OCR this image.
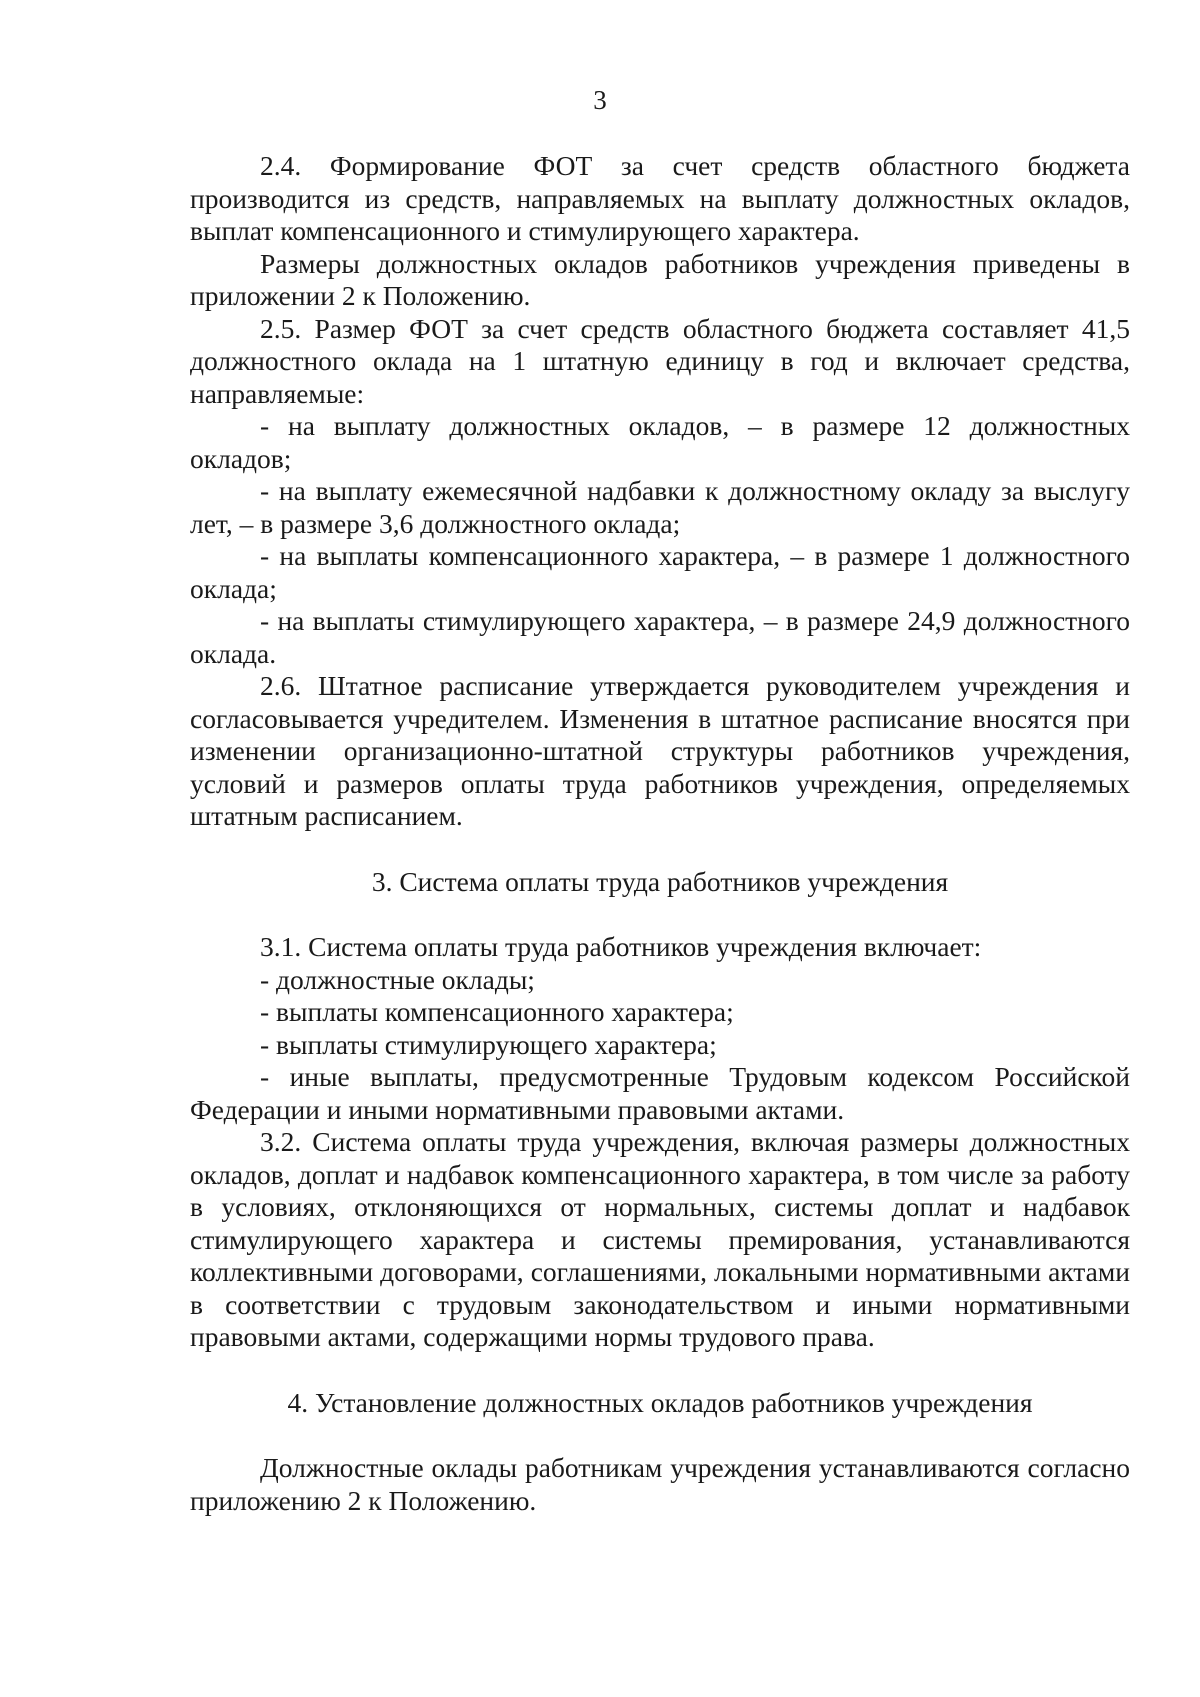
3

2.4. Формирование ФОТ за счет средств областного бюджета производится из средств, направляемых на выплату должностных окладов, выплат компенсационного и стимулирующего характера.

Размеры должностных окладов работников учреждения приведены в приложении 2 к Положению.

2.5. Размер ФОТ за счет средств областного бюджета составляет 41,5 должностного оклада на 1 штатную единицу в год и включает средства, направляемые:

- на выплату должностных окладов, – в размере 12 должностных окладов;

- на выплату ежемесячной надбавки к должностному окладу за выслугу лет, – в размере 3,6 должностного оклада;

- на выплаты компенсационного характера, – в размере 1 должностного оклада;

- на выплаты стимулирующего характера, – в размере 24,9 должностного оклада.

2.6. Штатное расписание утверждается руководителем учреждения и согласовывается учредителем. Изменения в штатное расписание вносятся при изменении организационно-штатной структуры работников учреждения, условий и размеров оплаты труда работников учреждения, определяемых штатным расписанием.

3. Система оплаты труда работников учреждения

3.1. Система оплаты труда работников учреждения включает:

- должностные оклады;

- выплаты компенсационного характера;

- выплаты стимулирующего характера;

- иные выплаты, предусмотренные Трудовым кодексом Российской Федерации и иными нормативными правовыми актами.

3.2. Система оплаты труда учреждения, включая размеры должностных окладов, доплат и надбавок компенсационного характера, в том числе за работу в условиях, отклоняющихся от нормальных, системы доплат и надбавок стимулирующего характера и системы премирования, устанавливаются коллективными договорами, соглашениями, локальными нормативными актами в соответствии с трудовым законодательством и иными нормативными правовыми актами, содержащими нормы трудового права.

4. Установление должностных окладов работников учреждения

Должностные оклады работникам учреждения устанавливаются согласно приложению 2 к Положению.
